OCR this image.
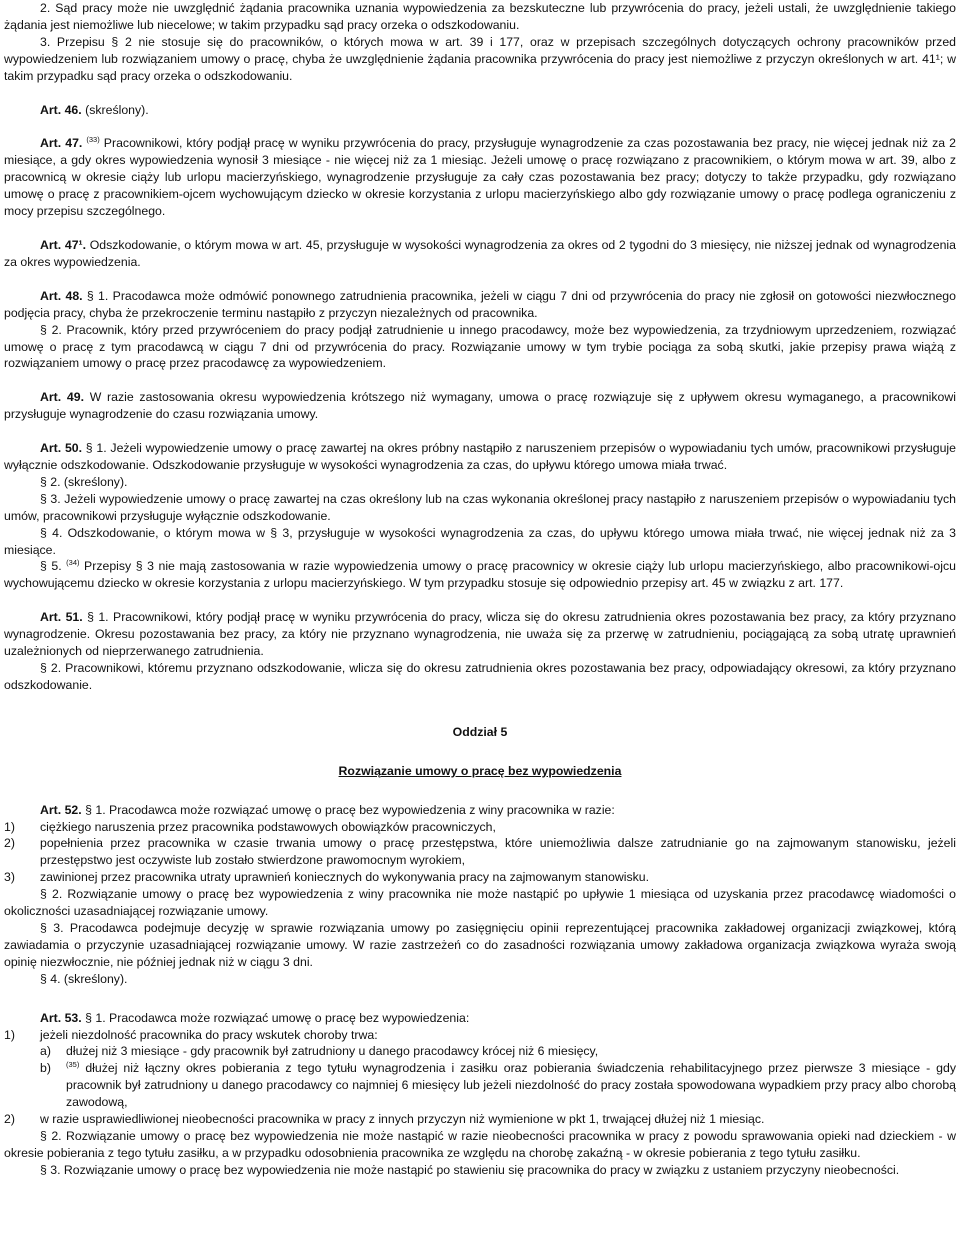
2. Sąd pracy może nie uwzględnić żądania pracownika uznania wypowiedzenia za bezskuteczne lub przywrócenia do pracy, jeżeli ustali, że uwzględnienie takiego żądania jest niemożliwe lub niecelowe; w takim przypadku sąd pracy orzeka o odszkodowaniu.

3. Przepisu § 2 nie stosuje się do pracowników, o których mowa w art. 39 i 177, oraz w przepisach szczególnych dotyczących ochrony pracowników przed wypowiedzeniem lub rozwiązaniem umowy o pracę, chyba że uwzględnienie żądania pracownika przywrócenia do pracy jest niemożliwe z przyczyn określonych w art. 41¹; w takim przypadku sąd pracy orzeka o odszkodowaniu.

Art. 46. (skreślony).

Art. 47. $^{(33)}$ Pracownikowi, który podjął pracę w wyniku przywrócenia do pracy, przysługuje wynagrodzenie za czas pozostawania bez pracy, nie więcej jednak niż za 2 miesiące, a gdy okres wypowiedzenia wynosił 3 miesiące - nie więcej niż za 1 miesiąc. Jeżeli umowę o pracę rozwiązano z pracownikiem, o którym mowa w art. 39, albo z pracownicą w okresie ciąży lub urlopu macierzyńskiego, wynagrodzenie przysługuje za cały czas pozostawania bez pracy; dotyczy to także przypadku, gdy rozwiązano umowę o pracę z pracownikiem-ojcem wychowującym dziecko w okresie korzystania z urlopu macierzyńskiego albo gdy rozwiązanie umowy o pracę podlega ograniczeniu z mocy przepisu szczególnego.

Art. 47¹. Odszkodowanie, o którym mowa w art. 45, przysługuje w wysokości wynagrodzenia za okres od 2 tygodni do 3 miesięcy, nie niższej jednak od wynagrodzenia za okres wypowiedzenia.

Art. 48. § 1. Pracodawca może odmówić ponownego zatrudnienia pracownika, jeżeli w ciągu 7 dni od przywrócenia do pracy nie zgłosił on gotowości niezwłocznego podjęcia pracy, chyba że przekroczenie terminu nastąpiło z przyczyn niezależnych od pracownika.

§ 2. Pracownik, który przed przywróceniem do pracy podjął zatrudnienie u innego pracodawcy, może bez wypowiedzenia, za trzydniowym uprzedzeniem, rozwiązać umowę o pracę z tym pracodawcą w ciągu 7 dni od przywrócenia do pracy. Rozwiązanie umowy w tym trybie pociąga za sobą skutki, jakie przepisy prawa wiążą z rozwiązaniem umowy o pracę przez pracodawcę za wypowiedzeniem.

Art. 49. W razie zastosowania okresu wypowiedzenia krótszego niż wymagany, umowa o pracę rozwiązuje się z upływem okresu wymaganego, a pracownikowi przysługuje wynagrodzenie do czasu rozwiązania umowy.

Art. 50. § 1. Jeżeli wypowiedzenie umowy o pracę zawartej na okres próbny nastąpiło z naruszeniem przepisów o wypowiadaniu tych umów, pracownikowi przysługuje wyłącznie odszkodowanie. Odszkodowanie przysługuje w wysokości wynagrodzenia za czas, do upływu którego umowa miała trwać.

§ 2. (skreślony).

§ 3. Jeżeli wypowiedzenie umowy o pracę zawartej na czas określony lub na czas wykonania określonej pracy nastąpiło z naruszeniem przepisów o wypowiadaniu tych umów, pracownikowi przysługuje wyłącznie odszkodowanie.

§ 4. Odszkodowanie, o którym mowa w § 3, przysługuje w wysokości wynagrodzenia za czas, do upływu którego umowa miała trwać, nie więcej jednak niż za 3 miesiące.

§ 5. $^{(34)}$ Przepisy § 3 nie mają zastosowania w razie wypowiedzenia umowy o pracę pracownicy w okresie ciąży lub urlopu macierzyńskiego, albo pracownikowi-ojcu wychowującemu dziecko w okresie korzystania z urlopu macierzyńskiego. W tym przypadku stosuje się odpowiednio przepisy art. 45 w związku z art. 177.

Art. 51. § 1. Pracownikowi, który podjął pracę w wyniku przywrócenia do pracy, wlicza się do okresu zatrudnienia okres pozostawania bez pracy, za który przyznano wynagrodzenie. Okresu pozostawania bez pracy, za który nie przyznano wynagrodzenia, nie uważa się za przerwę w zatrudnieniu, pociągającą za sobą utratę uprawnień uzależnionych od nieprzerwanego zatrudnienia.

§ 2. Pracownikowi, któremu przyznano odszkodowanie, wlicza się do okresu zatrudnienia okres pozostawania bez pracy, odpowiadający okresowi, za który przyznano odszkodowanie.

Oddział 5

Rozwiązanie umowy o pracę bez wypowiedzenia

Art. 52. § 1. Pracodawca może rozwiązać umowę o pracę bez wypowiedzenia z winy pracownika w razie:

1)	ciężkiego naruszenia przez pracownika podstawowych obowiązków pracowniczych,
2)	popełnienia przez pracownika w czasie trwania umowy o pracę przestępstwa, które uniemożliwia dalsze zatrudnianie go na zajmowanym stanowisku, jeżeli przestępstwo jest oczywiste lub zostało stwierdzone prawomocnym wyrokiem,
3)	zawinionej przez pracownika utraty uprawnień koniecznych do wykonywania pracy na zajmowanym stanowisku.

§ 2. Rozwiązanie umowy o pracę bez wypowiedzenia z winy pracownika nie może nastąpić po upływie 1 miesiąca od uzyskania przez pracodawcę wiadomości o okoliczności uzasadniającej rozwiązanie umowy.

§ 3. Pracodawca podejmuje decyzję w sprawie rozwiązania umowy po zasięgnięciu opinii reprezentującej pracownika zakładowej organizacji związkowej, którą zawiadamia o przyczynie uzasadniającej rozwiązanie umowy. W razie zastrzeżeń co do zasadności rozwiązania umowy zakładowa organizacja związkowa wyraża swoją opinię niezwłocznie, nie później jednak niż w ciągu 3 dni.

§ 4. (skreślony).

Art. 53. § 1. Pracodawca może rozwiązać umowę o pracę bez wypowiedzenia:

1)	jeżeli niezdolność pracownika do pracy wskutek choroby trwa:
a)	dłużej niż 3 miesiące - gdy pracownik był zatrudniony u danego pracodawcy krócej niż 6 miesięcy,
b)	$^{(35)}$ dłużej niż łączny okres pobierania z tego tytułu wynagrodzenia i zasiłku oraz pobierania świadczenia rehabilitacyjnego przez pierwsze 3 miesiące - gdy pracownik był zatrudniony u danego pracodawcy co najmniej 6 miesięcy lub jeżeli niezdolność do pracy została spowodowana wypadkiem przy pracy albo chorobą zawodową,
2)	w razie usprawiedliwionej nieobecności pracownika w pracy z innych przyczyn niż wymienione w pkt 1, trwającej dłużej niż 1 miesiąc.

§ 2. Rozwiązanie umowy o pracę bez wypowiedzenia nie może nastąpić w razie nieobecności pracownika w pracy z powodu sprawowania opieki nad dzieckiem - w okresie pobierania z tego tytułu zasiłku, a w przypadku odosobnienia pracownika ze względu na chorobę zakaźną - w okresie pobierania z tego tytułu zasiłku.

§ 3. Rozwiązanie umowy o pracę bez wypowiedzenia nie może nastąpić po stawieniu się pracownika do pracy w związku z ustaniem przyczyny nieobecności.
